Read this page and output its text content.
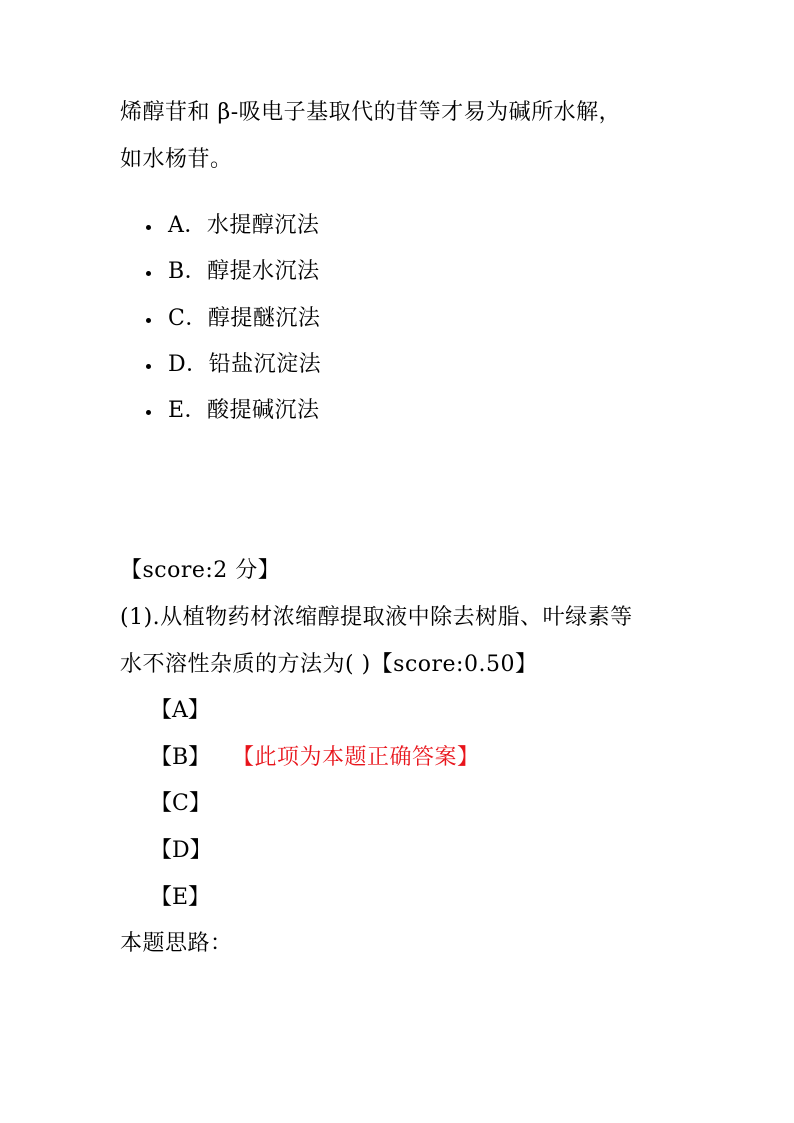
烯醇苷和 β-吸电子基取代的苷等才易为碱所水解，
如水杨苷。
A．水提醇沉法
B．醇提水沉法
C．醇提醚沉法
D．铅盐沉淀法
E．酸提碱沉法
【score:2 分】
(1).从植物药材浓缩醇提取液中除去树脂、叶绿素等
水不溶性杂质的方法为( )【score:0.50】
【A】
【B】 【此项为本题正确答案】
【C】
【D】
【E】
本题思路：
